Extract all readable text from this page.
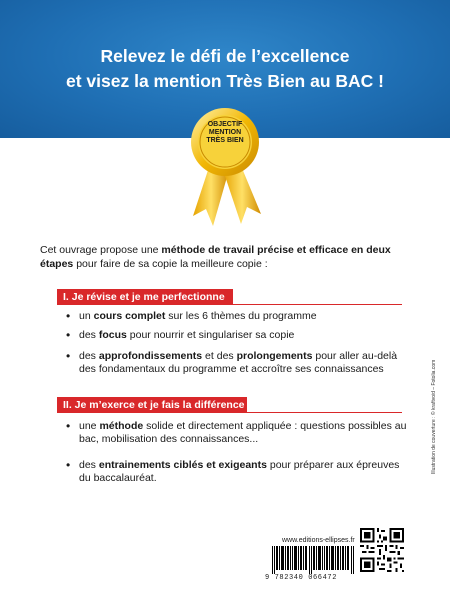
Relevez le défi de l’excellence
et visez la mention Très Bien au BAC !
OBJECTIF
MENTION
TRÈS BIEN
Cet ouvrage propose une méthode de travail précise et efficace en deux étapes pour faire de sa copie la meilleure copie :
I. Je révise et je me perfectionne
• un cours complet sur les 6 thèmes du programme
• des focus pour nourrir et singulariser sa copie
• des approfondissements et des prolongements pour aller au-delà des fondamentaux du programme et accroître ses connaissances
II. Je m’exerce et je fais la différence
• une méthode solide et directement appliquée : questions possibles au bac, mobilisation des connaissances...
• des entrainements ciblés et exigeants pour préparer aux épreuves du baccalauréat.
Illustration de couverture : © kraftvoid – Fotolia.com
www.editions-ellipses.fr
9 782340 066472
